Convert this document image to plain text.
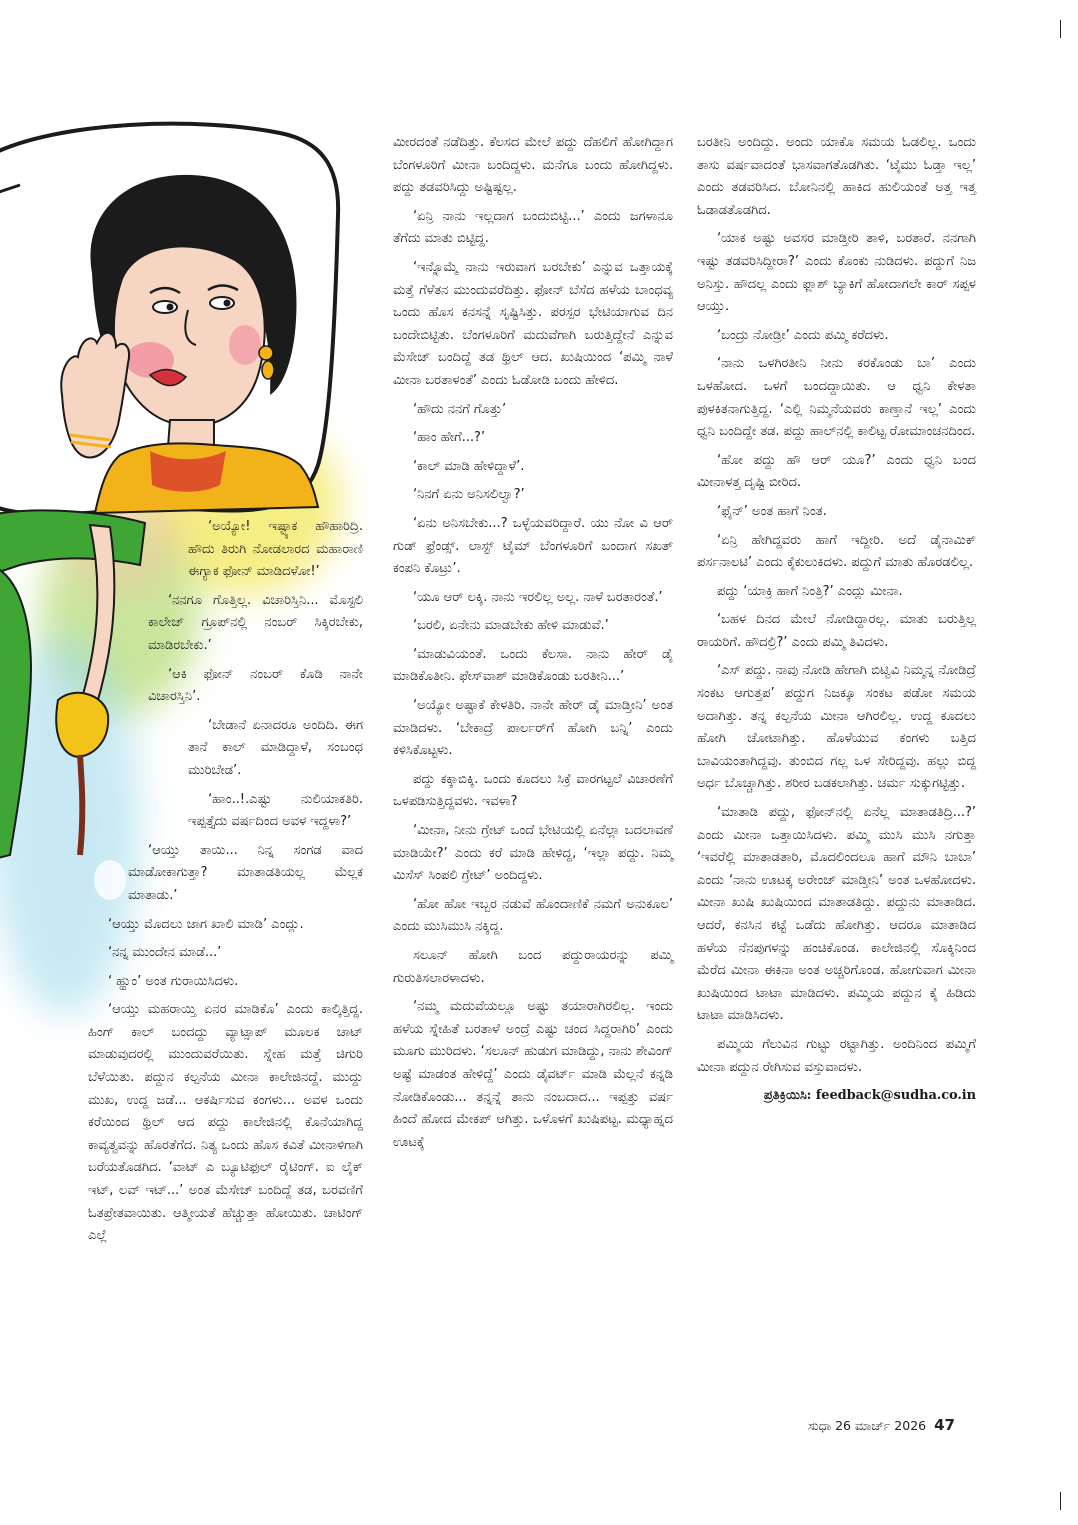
‘ಅಯ್ಯೋ! ಇಷ್ಟ್ಯಾಕ ಹೌಹಾರಿದ್ರಿ. ಹೌದು ತಿರುಗಿ ನೋಡಲಾರದ ಮಹಾರಾಣಿ ಈಗ್ಯಾಕ ಫೋನ್ ಮಾಡಿದಳೋ!’

‘ನನಗೂ ಗೊತ್ತಿಲ್ಲ. ವಿಚಾರಿಸ್ತಿನಿ... ಮೊಸ್ಟಲಿ ಕಾಲೇಜ್ ಗ್ರೂಪ್‌ನಲ್ಲಿ ನಂಬರ್ ಸಿಕ್ಕಿರಬೇಕು, ಮಾಡಿರಬೇಕು.’

‘ಆಕಿ ಫೋನ್ ನಂಬರ್ ಕೊಡಿ ನಾನೇ ವಿಚಾರಸ್ತಿನಿ’.

‘ಬೇಡಾನೆ ಏನಾದರೂ ಅಂದಿದಿ. ಈಗ ತಾನೆ ಕಾಲ್ ಮಾಡಿದ್ದಾಳೆ, ಸಂಬಂಧ ಮುರಿಬೇಡ’.

‘ಹಾಂ..!.ಎಷ್ಟು ನುಲಿಯಾಕತಿರಿ. ಇಪ್ಪತ್ತೈದು ವರ್ಷದಿಂದ ಅವಳ ಇದ್ದಳಾ?’

‘ಆಯ್ತು ತಾಯಿ... ನಿನ್ನ ಸಂಗಡ ವಾದ ಮಾಡೋಕಾಗುತ್ತಾ? ಮಾತಾಡತಿಯಲ್ಲ ಮೆಲ್ಲಕ ಮಾತಾಡು.’

‘ಆಯ್ತು ಮೊದಲು ಜಾಗ ಖಾಲಿ ಮಾಡಿ’ ಎಂದ್ಲು.

‘ನನ್ನ ಮುಂದೇನ ಮಾಡೆ...’

‘ ಹ್ಹುಂ’ ಅಂತ ಗುರಾಯಿಸಿದಳು.

‘ಆಯ್ತು ಮಹರಾಯ್ತಿ ಏನರ ಮಾಡಿಕೊ’ ಎಂದು ಕಾಲ್ಕಿತ್ತಿದ್ದ. ಹಿಂಗ್ ಕಾಲ್ ಬಂದದ್ದು ವ್ಯಾಟ್ಸಾಪ್ ಮೂಲಕ ಚಾಟ್ ಮಾಡುವುದರಲ್ಲಿ ಮುಂದುವರೆಯಿತು. ಸ್ನೇಹ ಮತ್ತೆ ಚಿಗುರಿ ಬೆಳೆಯಿತು. ಪದ್ದುನ ಕಲ್ಪನೆಯ ಮೀನಾ ಕಾಲೇಜಿನದ್ದೆ. ಮುದ್ದು ಮುಖ, ಉದ್ದ ಜಡೆ... ಆಕರ್ಷಿಸುವ ಕಂಗಳು... ಅವಳ ಒಂದು ಕರೆಯಿಂದ ಥ್ರಿಲ್ ಆದ ಪದ್ದು ಕಾಲೇಜಿನಲ್ಲಿ ಕೊನೆಯಾಗಿದ್ದ ಕಾವ್ಯತ್ವವನ್ನು ಹೊರತೆಗೆದ. ನಿತ್ಯ ಒಂದು ಹೊಸ ಕವಿತೆ ಮೀನಾಳಿಗಾಗಿ ಬರೆಯತೊಡಗಿದ. ‘ವಾಟ್ ಎ ಬ್ಯೂಟಿಫುಲ್ ರೈಟಿಂಗ್. ಐ ಲೈಕ್ ಇಟ್, ಲವ್ ಇಟ್...’ ಅಂತ ಮೆಸೇಜ್ ಬಂದಿದ್ದೆ ತಡ, ಬರವಣಿಗೆ ಓತಪ್ರೇತವಾಯಿತು. ಆತ್ಮೀಯತೆ ಹೆಚ್ಚುತ್ತಾ ಹೋಯಿತು. ಚಾಟಿಂಗ್ ಎಲ್ಲೆ

ಮೀರದಂತೆ ನಡೆದಿತ್ತು. ಕೆಲಸದ ಮೇಲೆ ಪದ್ದು ದೆಹಲಿಗೆ ಹೋಗಿದ್ದಾಗ ಬೆಂಗಳೂರಿಗೆ ಮೀನಾ ಬಂದಿದ್ದಳು. ಮನೆಗೂ ಬಂದು ಹೋಗಿದ್ದಳು. ಪದ್ದು ತಡವರಿಸಿದ್ದು ಅಷ್ಟಿಷ್ಟಲ್ಲ.

‘ಏನ್ರಿ ನಾನು ಇಲ್ಲದಾಗ ಬಂದುಬಿಟ್ಟಿ...’ ಎಂದು ಜಗಳಾನೂ ತೆಗೆದು ಮಾತು ಬಿಟ್ಟಿದ್ದ.

‘ಇನ್ನೊಮ್ಮೆ ನಾನು ಇರುವಾಗ ಬರಬೇಕು’ ಎನ್ನುವ ಒತ್ತಾಯಕ್ಕೆ ಮತ್ತೆ ಗೆಳೆತನ ಮುಂದುವರೆದಿತ್ತು. ಫೋನ್ ಬೆಸೆದ ಹಳೆಯ ಬಾಂಧವ್ಯ ಒಂದು ಹೊಸ ಕನಸನ್ನೆ ಸೃಷ್ಟಿಸಿತ್ತು. ಪರಸ್ಪರ ಭೇಟಿಯಾಗುವ ದಿನ ಬಂದೇಬಿಟ್ಟಿತು. ಬೆಂಗಳೂರಿಗೆ ಮದುವೆಗಾಗಿ ಬರುತ್ತಿದ್ದೇನೆ ಎನ್ನುವ ಮೆಸೇಜ್ ಬಂದಿದ್ದೆ ತಡ ಥ್ರಿಲ್ ಆದ. ಖುಷಿಯಿಂದ ‘ಪಮ್ಮಿ ನಾಳೆ ಮೀನಾ ಬರತಾಳಂತೆ’ ಎಂದು ಓಡೋಡಿ ಬಂದು ಹೇಳಿದ.

‘ಹೌದು ನನಗೆ ಗೊತ್ತು’

‘ಹಾಂ ಹೇಗೆ...?’

‘ಕಾಲ್ ಮಾಡಿ ಹೇಳಿದ್ದಾಳೆ’.

‘ನಿನಗೆ ಏನು ಅನಿಸಲಿಲ್ವಾ?’

‘ಏನು ಅನಿಸಬೇಕು...? ಒಳ್ಳೆಯವರಿದ್ದಾರೆ. ಯು ನೋ ವಿ ಆರ್ ಗುಡ್ ಫ್ರೆಂಡ್ಸ್. ಲಾಸ್ಟ್ ಟೈಮ್ ಬೆಂಗಳೂರಿಗೆ ಬಂದಾಗ ಸಖತ್ ಕಂಪನಿ ಕೊಟ್ರು’.

‘ಯೂ ಆರ್ ಲಕ್ಕಿ. ನಾನು ಇರಲಿಲ್ಲ ಅಲ್ಲ. ನಾಳೆ ಬರತಾರಂತೆ.’

‘ಬರಲಿ, ಏನೇನು ಮಾಡಬೇಕು ಹೇಳಿ ಮಾಡುವೆ.’

‘ಮಾಡುವಿಯಂತೆ. ಒಂದು ಕೆಲಸಾ. ನಾನು ಹೇರ್ ಡೈ ಮಾಡಿಕೊತೀನಿ. ಫೇಸ್‌ವಾಶ್ ಮಾಡಿಕೊಂಡು ಬರತೀನಿ...’

‘ಅಯ್ಯೋ ಅಷ್ಟಾಕೆ ಕೇಳತಿರಿ. ನಾನೇ ಹೇರ್ ಡೈ ಮಾಡ್ತೀನಿ’ ಅಂತ ಮಾಡಿದಳು. ‘ಬೇಕಾದ್ರೆ ಪಾರ್ಲರ್‌ಗೆ ಹೋಗಿ ಬನ್ನಿ’ ಎಂದು ಕಳಿಸಿಕೊಟ್ಟಳು.

ಪದ್ದು ಕಕ್ಕಾಬಿಕ್ಕಿ. ಒಂದು ಕೂದಲು ಸಿಕ್ರೆ ವಾರಗಟ್ಟಲೆ ವಿಚಾರಣೆಗೆ ಒಳಪಡಿಸುತ್ತಿದ್ದವಳು. ಇವಳಾ?

‘ಮೀನಾ, ನೀನು ಗ್ರೇಟ್ ಒಂದೆ ಭೇಟಿಯಲ್ಲಿ ಏನೆಲ್ಲಾ ಬದಲಾವಣೆ ಮಾಡಿಯೇ?’ ಎಂದು ಕರೆ ಮಾಡಿ ಹೇಳಿದ್ದ, ‘ಇಲ್ಲಾ ಪದ್ದು. ನಿಮ್ಮ ಮಿಸೆಸ್ ಸಿಂಪಲಿ ಗ್ರೇಟ್’ ಅಂದಿದ್ದಳು.

‘ಹೋ ಹೋ ಇಬ್ಬರ ನಡುವೆ ಹೊಂದಾಣಿಕೆ ನಮಗೆ ಅನುಕೂಲ’ ಎಂದು ಮುಸಿಮುಸಿ ನಕ್ಕಿದ್ದ.

ಸಲೂನ್ ಹೋಗಿ ಬಂದ ಪದ್ದುರಾಯರನ್ನು ಪಮ್ಮಿ ಗುರುತಿಸಲಾರಳಾದಳು.

‘ನಮ್ಮ ಮದುವೆಯಲ್ಲೂ ಅಷ್ಟು ತಯಾರಾಗಿರಲಿಲ್ಲ. ಇಂದು ಹಳೆಯ ಸ್ನೇಹಿತೆ ಬರತಾಳೆ ಅಂದ್ರೆ ಎಷ್ಟು ಚಂದ ಸಿದ್ದರಾಗಿರಿ’ ಎಂದು ಮೂಗು ಮುರಿದಳು. ‘ಸಲೂನ್ ಹುಡುಗ ಮಾಡಿದ್ದು, ನಾನು ಶೇವಿಂಗ್ ಅಷ್ಟೆ ಮಾಡಂತ ಹೇಳಿದ್ದೆ’ ಎಂದು ಡೈವರ್ಟ್ ಮಾಡಿ ಮೆಲ್ಲನೆ ಕನ್ನಡಿ ನೋಡಿಕೊಂಡು... ತನ್ನನ್ನೆ ತಾನು ನಂಬದಾದ... ಇಪ್ಪತ್ತು ವರ್ಷ ಹಿಂದೆ ಹೋದ ಮೇಕಪ್ ಆಗಿತ್ತು. ಒಳೊಳಗೆ ಖುಷಿಪಟ್ಟ. ಮಧ್ಯಾಹ್ನದ ಊಟಕ್ಕೆ

ಬರತೀನಿ ಅಂದಿದ್ದು. ಅಂದು ಯಾಕೊ ಸಮಯ ಓಡಲಿಲ್ಲ. ಒಂದು ತಾಸು ವರ್ಷವಾದಂತೆ ಭಾಸವಾಗತೊಡಗಿತು. ‘ಟೈಮು ಓಡ್ತಾ ಇಲ್ಲ’ ಎಂದು ತಡವರಿಸಿದ. ಬೋನಿನಲ್ಲಿ ಹಾಕಿದ ಹುಲಿಯಂತೆ ಅತ್ತ ಇತ್ತ ಓಡಾಡತೊಡಗಿದ.

‘ಯಾಕ ಅಷ್ಟು ಅವಸರ ಮಾಡ್ತೀರಿ ತಾಳಿ, ಬರತಾರೆ. ನನಗಾಗಿ ಇಷ್ಟು ತಡವರಿಸಿದ್ದೀರಾ?’ ಎಂದು ಕೊಂಕು ನುಡಿದಳು. ಪದ್ದುಗೆ ನಿಜ ಅನಿಸ್ತು. ಹೌದಲ್ಲ ಎಂದು ಫ್ಲಾಶ್ ಬ್ಯಾಕಿಗೆ ಹೋದಾಗಲೇ ಕಾರ್ ಸಪ್ಪಳ ಆಯ್ತು.

‘ಬಂದ್ರು ನೋಡ್ರೀ’ ಎಂದು ಪಮ್ಮಿ ಕರೆದಳು.

‘ನಾನು ಒಳಗಿರತೀನಿ ನೀನು ಕರಕೊಂಡು ಬಾ’ ಎಂದು ಒಳಹೋದ. ಒಳಗೆ ಬಂದದ್ದಾಯಿತು. ಆ ಧ್ವನಿ ಕೇಳತಾ ಪುಳಕಿತನಾಗುತ್ತಿದ್ದ. ‘ಎಲ್ಲಿ ನಿಮ್ಮನೆಯವರು ಕಾಣ್ತಾನೆ ಇಲ್ಲ’ ಎಂದು ಧ್ವನಿ ಬಂದಿದ್ದೇ ತಡ. ಪದ್ದು ಹಾಲ್‌ನಲ್ಲಿ ಕಾಲಿಟ್ಟ ರೋಮಾಂಚನದಿಂದ.

‘ಹೋ ಪದ್ದು ಹೌ ಆರ್ ಯೂ?’ ಎಂದು ಧ್ವನಿ ಬಂದ ಮೀನಾಳತ್ತ ದೃಷ್ಟಿ ಬೀರಿದ.

‘ಫೈನ್’ ಅಂತ ಹಾಗೆ ನಿಂತ.

‘ಏನ್ರಿ ಹೇಗಿದ್ದವರು ಹಾಗೆ ಇದ್ದೀರಿ. ಅದೆ ಡೈನಾಮಿಕ್ ಪರ್ಸನಾಲಟಿ’ ಎಂದು ಕೈಕುಲುಕಿದಳು. ಪದ್ದುಗೆ ಮಾತು ಹೊರಡಲಿಲ್ಲ.

ಪದ್ದು ‘ಯಾಕ್ರಿ ಹಾಗೆ ನಿಂತ್ರಿ?’ ಎಂದ್ಲು ಮೀನಾ.

‘ಬಹಳ ದಿನದ ಮೇಲೆ ನೋಡಿದ್ದಾರಲ್ಲ. ಮಾತು ಬರುತ್ತಿಲ್ಲ ರಾಯರಿಗೆ. ಹೌದಲ್ರಿ?’ ಎಂದು ಪಮ್ಮಿ ತಿವಿದಳು.

‘ಎಸ್ ಪದ್ದು. ನಾವು ನೋಡಿ ಹೇಗಾಗಿ ಬಿಟ್ವಿವಿ ನಿಮ್ಮನ್ನ ನೋಡಿದ್ರೆ ಸಂಕಟ ಆಗುತ್ತಪ’ ಪದ್ದುಗ ನಿಜಕ್ಕೂ ಸಂಕಟ ಪಡೋ ಸಮಯ ಅದಾಗಿತ್ತು. ತನ್ನ ಕಲ್ಪನೆಯ ಮೀನಾ ಆಗಿರಲಿಲ್ಲ. ಉದ್ದ ಕೂದಲು ಹೋಗಿ ಚೋಟಾಗಿತ್ತು. ಹೊಳೆಯುವ ಕಂಗಳು ಬತ್ತಿದ ಬಾವಿಯಂತಾಗಿದ್ದವು. ತುಂಬಿದ ಗಲ್ಲ ಒಳ ಸೇರಿದ್ದವು. ಹಲ್ಲು ಬಿದ್ದ ಅರ್ಧ ಬೊಚ್ಚಾಗಿತ್ತು. ಶರೀರ ಬಡಕಲಾಗಿತ್ತು. ಚರ್ಮ ಸುಕ್ಕುಗಟ್ಟಿತ್ತು.

‘ಮಾತಾಡಿ ಪದ್ದು, ಫೋನ್‌ನಲ್ಲಿ ಏನೆಲ್ಲ ಮಾತಾಡತಿದ್ರಿ...?’ ಎಂದು ಮೀನಾ ಒತ್ತಾಯಿಸಿದಳು. ಪಮ್ಮಿ ಮುಸಿ ಮುಸಿ ನಗುತ್ತಾ ‘ಇವರೆಲ್ಲಿ ಮಾತಾಡತಾರಿ, ಮೊದಲಿಂದಲೂ ಹಾಗೆ ಮೌನಿ ಬಾಬಾ’ ಎಂದು ‘ನಾನು ಊಟಕ್ಕ ಅರೇಂಜ್ ಮಾಡ್ತೀನಿ’ ಅಂತ ಒಳಹೋದಳು. ಮೀನಾ ಖುಷಿ ಖುಷಿಯಿಂದ ಮಾತಾಡತಿದ್ದು. ಪದ್ದುನು ಮಾತಾಡಿದ. ಆದರೆ, ಕನಸಿನ ಕಟ್ಟೆ ಒಡೆದು ಹೋಗಿತ್ತು. ಆದರೂ ಮಾತಾಡಿದ ಹಳೆಯ ನೆನಪುಗಳನ್ನು ಹಂಚಿಕೊಂಡ. ಕಾಲೇಜಿನಲ್ಲಿ ಸೊಕ್ಕಿನಿಂದ ಮೆರೆದ ಮೀನಾ ಈಕಿನಾ ಅಂತ ಅಚ್ಚರಿಗೊಂಡ. ಹೋಗುವಾಗ ಮೀನಾ ಖುಷಿಯಿಂದ ಟಾಟಾ ಮಾಡಿದಳು. ಪಮ್ಮಿಯ ಪದ್ದುನ ಕೈ ಹಿಡಿದು ಟಾಟಾ ಮಾಡಿಸಿದಳು.

ಪಮ್ಮಿಯ ಗೆಲುವಿನ ಗುಟ್ಟು ರಟ್ಟಾಗಿತ್ತು. ಅಂದಿನಿಂದ ಪಮ್ಮಿಗೆ ಮೀನಾ ಪದ್ದುನ ರೇಗಿಸುವ ವಸ್ತುವಾದಳು.

ಪ್ರತಿಕ್ರಿಯಿಸಿ: feedback@sudha.co.in
ಸುಧಾ 26 ಮಾರ್ಚ್ 2026 47
